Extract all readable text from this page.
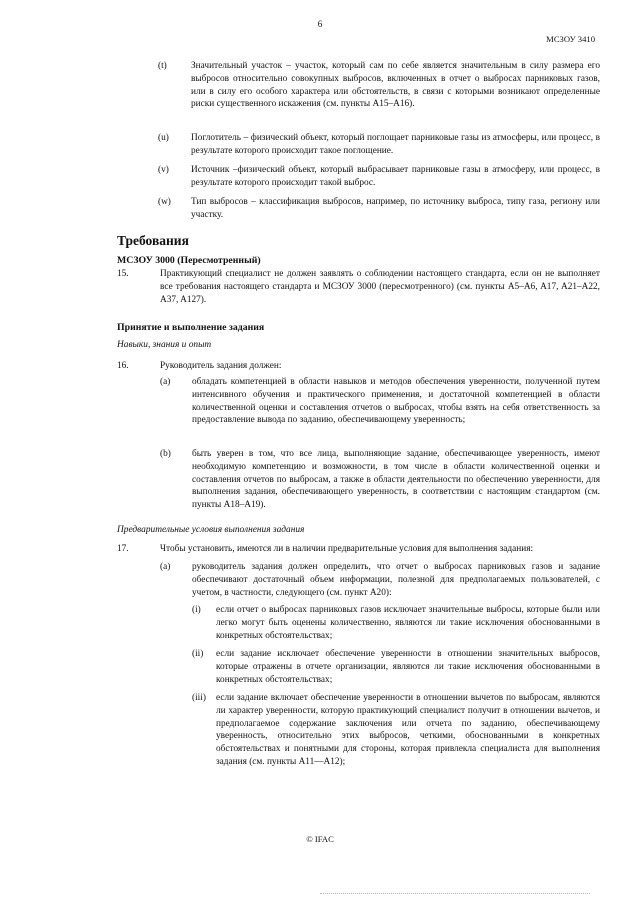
6
МСЗОУ 3410
(t)	Значительный участок – участок, который сам по себе является значительным в силу размера его выбросов относительно совокупных выбросов, включенных в отчет о выбросах парниковых газов, или в силу его особого характера или обстоятельств, в связи с которыми возникают определенные риски существенного искажения (см. пункты A15–A16).
(u) Поглотитель – физический объект, который поглощает парниковые газы из атмосферы, или процесс, в результате которого происходит такое поглощение.
(v) Источник –физический объект, который выбрасывает парниковые газы в атмосферу, или процесс, в результате которого происходит такой выброс.
(w) Тип выбросов – классификация выбросов, например, по источнику выброса, типу газа, региону или участку.
Требования
МСЗОУ 3000 (Пересмотренный)
15.	Практикующий специалист не должен заявлять о соблюдении настоящего стандарта, если он не выполняет все требования настоящего стандарта и МСЗОУ 3000 (пересмотренного) (см. пункты A5–A6, A17, A21–A22, A37, A127).
Принятие и выполнение задания
Навыки, знания и опыт
16.	Руководитель задания должен:
(a) обладать компетенцией в области навыков и методов обеспечения уверенности, полученной путем интенсивного обучения и практического применения, и достаточной компетенцией в области количественной оценки и составления отчетов о выбросах, чтобы взять на себя ответственность за предоставление вывода по заданию, обеспечивающему уверенность;
(b) быть уверен в том, что все лица, выполняющие задание, обеспечивающее уверенность, имеют необходимую компетенцию и возможности, в том числе в области количественной оценки и составления отчетов по выбросам, а также в области деятельности по обеспечению уверенности, для выполнения задания, обеспечивающего уверенность, в соответствии с настоящим стандартом (см. пункты A18–A19).
Предварительные условия выполнения задания
17.	Чтобы установить, имеются ли в наличии предварительные условия для выполнения задания:
(a) руководитель задания должен определить, что отчет о выбросах парниковых газов и задание обеспечивают достаточный объем информации, полезной для предполагаемых пользователей, с учетом, в частности, следующего (см. пункт A20):
(i) если отчет о выбросах парниковых газов исключает значительные выбросы, которые были или легко могут быть оценены количественно, являются ли такие исключения обоснованными в конкретных обстоятельствах;
(ii) если задание исключает обеспечение уверенности в отношении значительных выбросов, которые отражены в отчете организации, являются ли такие исключения обоснованными в конкретных обстоятельствах;
(iii) если задание включает обеспечение уверенности в отношении вычетов по выбросам, являются ли характер уверенности, которую практикующий специалист получит в отношении вычетов, и предполагаемое содержание заключения или отчета по заданию, обеспечивающему уверенность, относительно этих выбросов, четкими, обоснованными в конкретных обстоятельствах и понятными для стороны, которая привлекла специалиста для выполнения задания (см. пункты A11—A12);
© IFAC
